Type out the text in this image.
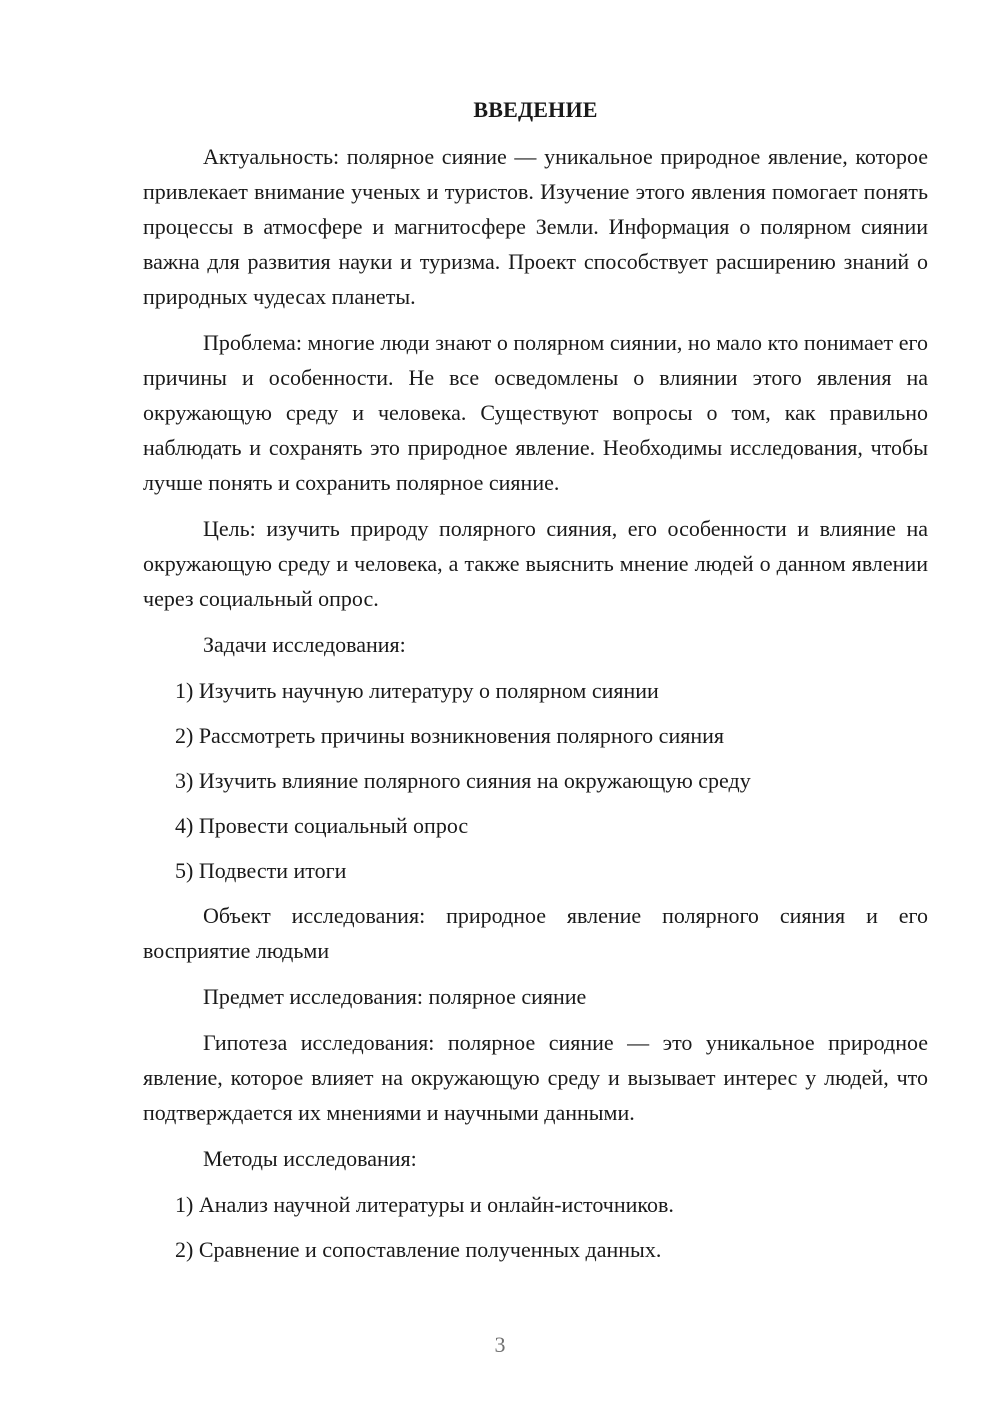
ВВЕДЕНИЕ

Актуальность: полярное сияние — уникальное природное явление, которое привлекает внимание ученых и туристов. Изучение этого явления помогает понять процессы в атмосфере и магнитосфере Земли. Информация о полярном сиянии важна для развития науки и туризма. Проект способствует расширению знаний о природных чудесах планеты.

Проблема: многие люди знают о полярном сиянии, но мало кто понимает его причины и особенности. Не все осведомлены о влиянии этого явления на окружающую среду и человека. Существуют вопросы о том, как правильно наблюдать и сохранять это природное явление. Необходимы исследования, чтобы лучше понять и сохранить полярное сияние.

Цель: изучить природу полярного сияния, его особенности и влияние на окружающую среду и человека, а также выяснить мнение людей о данном явлении через социальный опрос.

Задачи исследования:

1) Изучить научную литературу о полярном сиянии
2) Рассмотреть причины возникновения полярного сияния
3) Изучить влияние полярного сияния на окружающую среду
4) Провести социальный опрос
5) Подвести итоги

Объект исследования: природное явление полярного сияния и его восприятие людьми

Предмет исследования: полярное сияние

Гипотеза исследования: полярное сияние — это уникальное природное явление, которое влияет на окружающую среду и вызывает интерес у людей, что подтверждается их мнениями и научными данными.

Методы исследования:

1) Анализ научной литературы и онлайн-источников.
2) Сравнение и сопоставление полученных данных.
3
